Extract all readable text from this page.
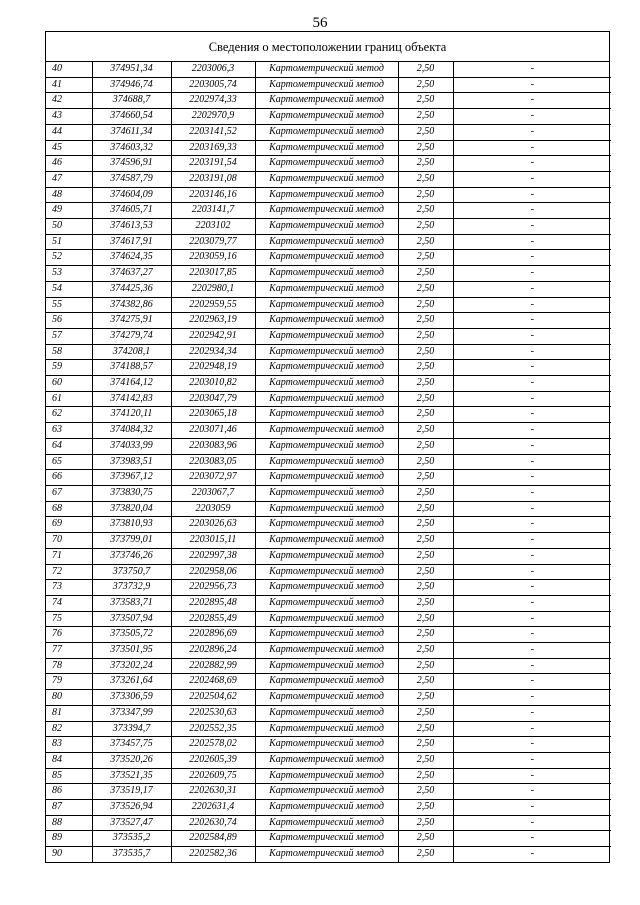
56
Сведения о местоположении границ объекта
40	374951,34	2203006,3	Картометрический метод	2,50	-
41	374946,74	2203005,74	Картометрический метод	2,50	-
42	374688,7	2202974,33	Картометрический метод	2,50	-
43	374660,54	2202970,9	Картометрический метод	2,50	-
44	374611,34	2203141,52	Картометрический метод	2,50	-
45	374603,32	2203169,33	Картометрический метод	2,50	-
46	374596,91	2203191,54	Картометрический метод	2,50	-
47	374587,79	2203191,08	Картометрический метод	2,50	-
48	374604,09	2203146,16	Картометрический метод	2,50	-
49	374605,71	2203141,7	Картометрический метод	2,50	-
50	374613,53	2203102	Картометрический метод	2,50	-
51	374617,91	2203079,77	Картометрический метод	2,50	-
52	374624,35	2203059,16	Картометрический метод	2,50	-
53	374637,27	2203017,85	Картометрический метод	2,50	-
54	374425,36	2202980,1	Картометрический метод	2,50	-
55	374382,86	2202959,55	Картометрический метод	2,50	-
56	374275,91	2202963,19	Картометрический метод	2,50	-
57	374279,74	2202942,91	Картометрический метод	2,50	-
58	374208,1	2202934,34	Картометрический метод	2,50	-
59	374188,57	2202948,19	Картометрический метод	2,50	-
60	374164,12	2203010,82	Картометрический метод	2,50	-
61	374142,83	2203047,79	Картометрический метод	2,50	-
62	374120,11	2203065,18	Картометрический метод	2,50	-
63	374084,32	2203071,46	Картометрический метод	2,50	-
64	374033,99	2203083,96	Картометрический метод	2,50	-
65	373983,51	2203083,05	Картометрический метод	2,50	-
66	373967,12	2203072,97	Картометрический метод	2,50	-
67	373830,75	2203067,7	Картометрический метод	2,50	-
68	373820,04	2203059	Картометрический метод	2,50	-
69	373810,93	2203026,63	Картометрический метод	2,50	-
70	373799,01	2203015,11	Картометрический метод	2,50	-
71	373746,26	2202997,38	Картометрический метод	2,50	-
72	373750,7	2202958,06	Картометрический метод	2,50	-
73	373732,9	2202956,73	Картометрический метод	2,50	-
74	373583,71	2202895,48	Картометрический метод	2,50	-
75	373507,94	2202855,49	Картометрический метод	2,50	-
76	373505,72	2202896,69	Картометрический метод	2,50	-
77	373501,95	2202896,24	Картометрический метод	2,50	-
78	373202,24	2202882,99	Картометрический метод	2,50	-
79	373261,64	2202468,69	Картометрический метод	2,50	-
80	373306,59	2202504,62	Картометрический метод	2,50	-
81	373347,99	2202530,63	Картометрический метод	2,50	-
82	373394,7	2202552,35	Картометрический метод	2,50	-
83	373457,75	2202578,02	Картометрический метод	2,50	-
84	373520,26	2202605,39	Картометрический метод	2,50	-
85	373521,35	2202609,75	Картометрический метод	2,50	-
86	373519,17	2202630,31	Картометрический метод	2,50	-
87	373526,94	2202631,4	Картометрический метод	2,50	-
88	373527,47	2202630,74	Картометрический метод	2,50	-
89	373535,2	2202584,89	Картометрический метод	2,50	-
90	373535,7	2202582,36	Картометрический метод	2,50	-
